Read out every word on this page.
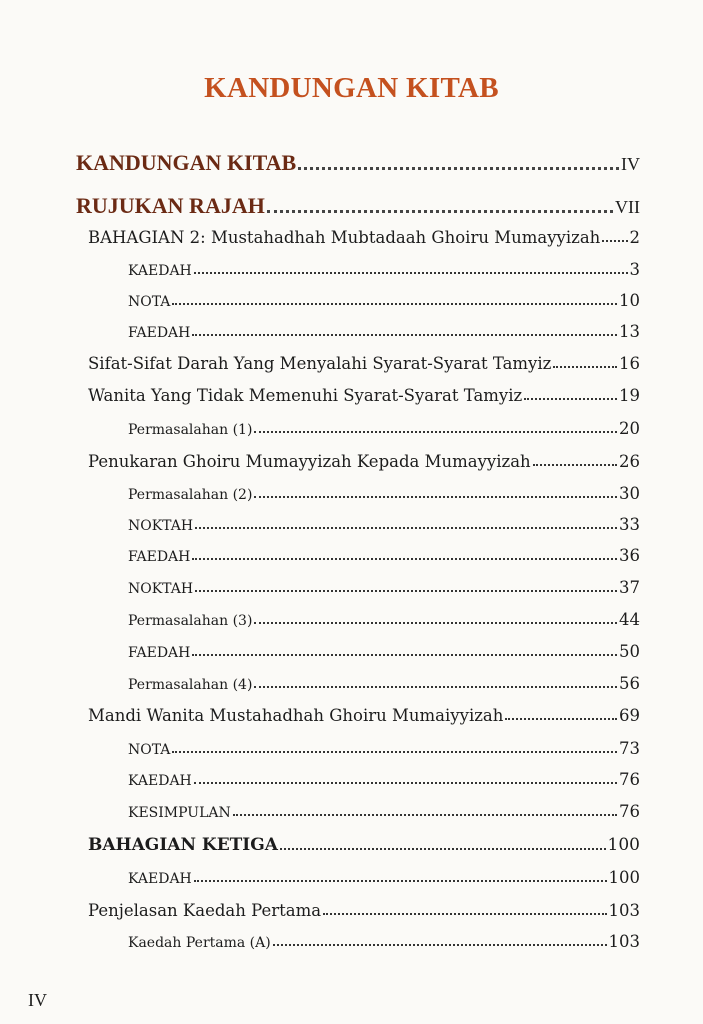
KANDUNGAN KITAB
KANDUNGAN KITAB	IV
RUJUKAN RAJAH	VII
BAHAGIAN 2: Mustahadhah Mubtadaah Ghoiru Mumayyizah 2
KAEDAH	3
NOTA	10
FAEDAH	13
Sifat-Sifat Darah Yang Menyalahi Syarat-Syarat Tamyiz	16
Wanita Yang Tidak Memenuhi Syarat-Syarat Tamyiz	19
Permasalahan (1)	20
Penukaran Ghoiru Mumayyizah Kepada Mumayyizah	26
Permasalahan (2)	30
NOKTAH	33
FAEDAH	36
NOKTAH	37
Permasalahan (3)	44
FAEDAH	50
Permasalahan (4)	56
Mandi Wanita Mustahadhah Ghoiru Mumaiyyizah	69
NOTA	73
KAEDAH	76
KESIMPULAN	76
BAHAGIAN KETIGA	100
KAEDAH	100
Penjelasan Kaedah Pertama	103
Kaedah Pertama (A)	103
IV
